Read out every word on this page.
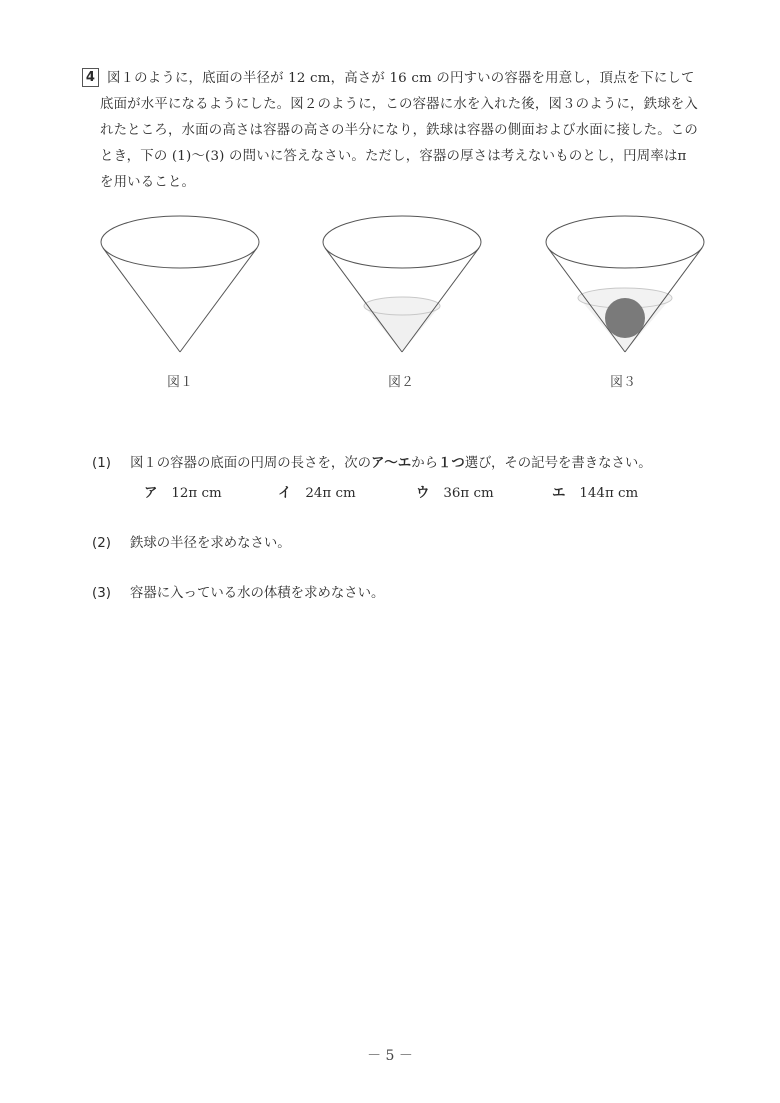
4 図１のように，底面の半径が 12 cm，高さが 16 cm の円すいの容器を用意し，頂点を下にして
底面が水平になるようにした。図２のように，この容器に水を入れた後，図３のように，鉄球を入
れたところ，水面の高さは容器の高さの半分になり，鉄球は容器の側面および水面に接した。この
とき，下の (1)～(3) の問いに答えなさい。ただし，容器の厚さは考えないものとし，円周率はπ
を用いること。
図１	図２	図３
(1) 図１の容器の底面の円周の長さを，次のア～エから１つ選び，その記号を書きなさい。
ア 12π cm	イ 24π cm	ウ 36π cm	エ 144π cm
(2) 鉄球の半径を求めなさい。
(3) 容器に入っている水の体積を求めなさい。
－ 5 －
